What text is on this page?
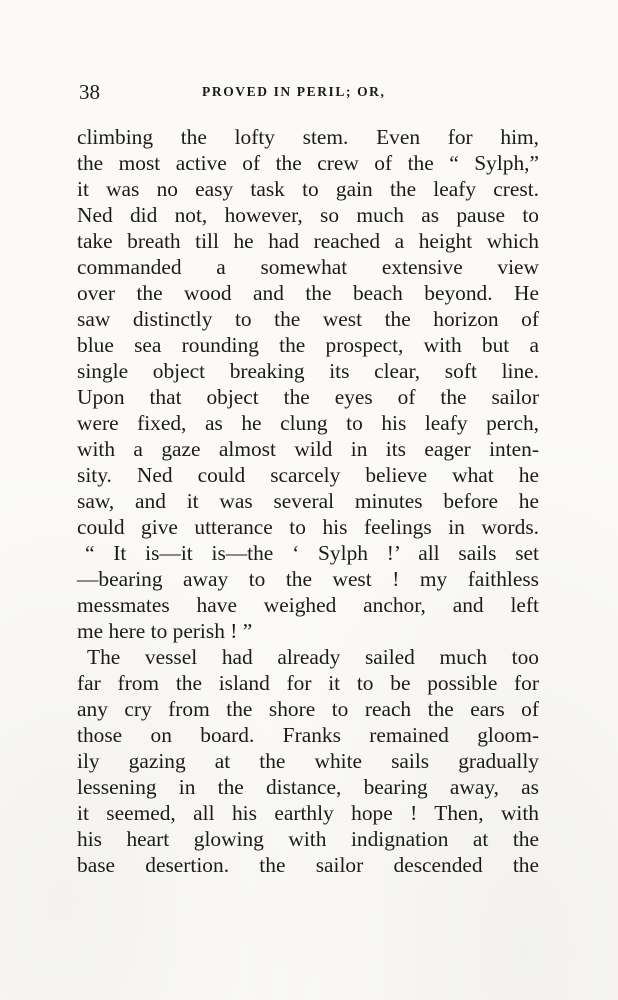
38	PROVED IN PERIL; OR,
climbing the lofty stem. Even for him,
the most active of the crew of the “ Sylph,”
it was no easy task to gain the leafy crest.
Ned did not, however, so much as pause to
take breath till he had reached a height which
commanded a somewhat extensive view
over the wood and the beach beyond. He
saw distinctly to the west the horizon of
blue sea rounding the prospect, with but a
single object breaking its clear, soft line.
Upon that object the eyes of the sailor
were fixed, as he clung to his leafy perch,
with a gaze almost wild in its eager inten-
sity. Ned could scarcely believe what he
saw, and it was several minutes before he
could give utterance to his feelings in words.
“ It is—it is—the ‘ Sylph !’ all sails set
—bearing away to the west ! my faithless
messmates have weighed anchor, and left
me here to perish ! ”
The vessel had already sailed much too
far from the island for it to be possible for
any cry from the shore to reach the ears of
those on board. Franks remained gloom-
ily gazing at the white sails gradually
lessening in the distance, bearing away, as
it seemed, all his earthly hope ! Then, with
his heart glowing with indignation at the
base desertion. the sailor descended the
